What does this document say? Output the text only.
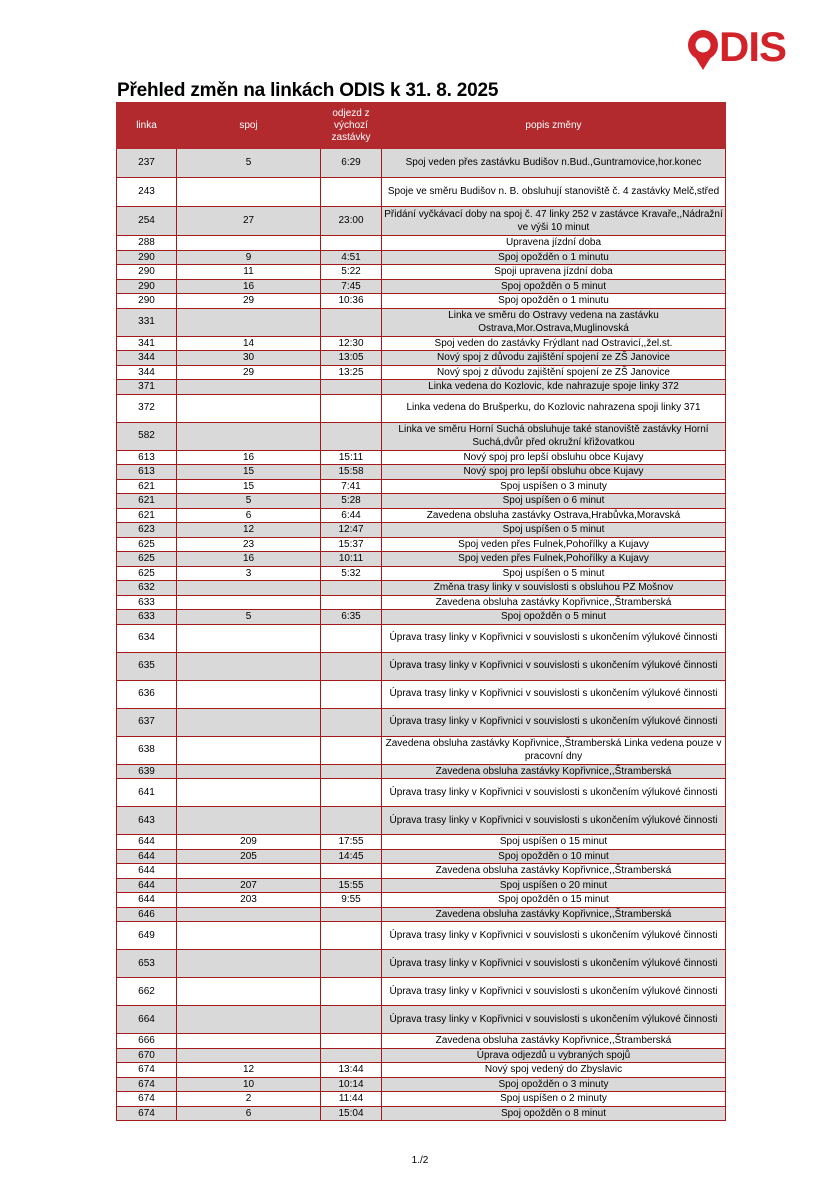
DIS
Přehled změn na linkách ODIS k 31. 8. 2025
linka	spoj	odjezd z výchozí zastávky	popis změny
237	5	6:29	Spoj veden přes zastávku Budišov n.Bud.,Guntramovice,hor.konec
243			Spoje ve směru Budišov n. B. obsluhují stanoviště č. 4 zastávky Melč,střed
254	27	23:00	Přidání vyčkávací doby na spoj č. 47 linky 252 v zastávce Kravaře,,Nádražní ve výši 10 minut
288			Upravena jízdní doba
290	9	4:51	Spoj opožděn o 1 minutu
290	11	5:22	Spoji upravena jízdní doba
290	16	7:45	Spoj opožděn o 5 minut
290	29	10:36	Spoj opožděn o 1 minutu
331			Linka ve směru do Ostravy vedena na zastávku Ostrava,Mor.Ostrava,Muglinovská
341	14	12:30	Spoj veden do zastávky Frýdlant nad Ostravicí,,žel.st.
344	30	13:05	Nový spoj z důvodu zajištění spojení ze ZŠ Janovice
344	29	13:25	Nový spoj z důvodu zajištění spojení ze ZŠ Janovice
371			Linka vedena do Kozlovic, kde nahrazuje spoje linky 372
372			Linka vedena do Brušperku, do Kozlovic nahrazena spoji linky 371
582			Linka ve směru Horní Suchá obsluhuje také stanoviště zastávky Horní Suchá,dvůr před okružní křižovatkou
613	16	15:11	Nový spoj pro lepší obsluhu obce Kujavy
613	15	15:58	Nový spoj pro lepší obsluhu obce Kujavy
621	15	7:41	Spoj uspíšen o 3 minuty
621	5	5:28	Spoj uspíšen o 6 minut
621	6	6:44	Zavedena obsluha zastávky Ostrava,Hrabůvka,Moravská
623	12	12:47	Spoj uspíšen o 5 minut
625	23	15:37	Spoj veden přes Fulnek,Pohořílky a Kujavy
625	16	10:11	Spoj veden přes Fulnek,Pohořílky a Kujavy
625	3	5:32	Spoj uspíšen o 5 minut
632			Změna trasy linky v souvislosti s obsluhou PZ Mošnov
633			Zavedena obsluha zastávky Kopřivnice,,Štramberská
633	5	6:35	Spoj opožděn o 5 minut
634			Úprava trasy linky v Kopřivnici v souvislosti s ukončením výlukové činnosti
635			Úprava trasy linky v Kopřivnici v souvislosti s ukončením výlukové činnosti
636			Úprava trasy linky v Kopřivnici v souvislosti s ukončením výlukové činnosti
637			Úprava trasy linky v Kopřivnici v souvislosti s ukončením výlukové činnosti
638			Zavedena obsluha zastávky Kopřivnice,,Štramberská Linka vedena pouze v pracovní dny
639			Zavedena obsluha zastávky Kopřivnice,,Štramberská
641			Úprava trasy linky v Kopřivnici v souvislosti s ukončením výlukové činnosti
643			Úprava trasy linky v Kopřivnici v souvislosti s ukončením výlukové činnosti
644	209	17:55	Spoj uspíšen o 15 minut
644	205	14:45	Spoj opožděn o 10 minut
644			Zavedena obsluha zastávky Kopřivnice,,Štramberská
644	207	15:55	Spoj uspíšen o 20 minut
644	203	9:55	Spoj opožděn o 15 minut
646			Zavedena obsluha zastávky Kopřivnice,,Štramberská
649			Úprava trasy linky v Kopřivnici v souvislosti s ukončením výlukové činnosti
653			Úprava trasy linky v Kopřivnici v souvislosti s ukončením výlukové činnosti
662			Úprava trasy linky v Kopřivnici v souvislosti s ukončením výlukové činnosti
664			Úprava trasy linky v Kopřivnici v souvislosti s ukončením výlukové činnosti
666			Zavedena obsluha zastávky Kopřivnice,,Štramberská
670			Úprava odjezdů u vybraných spojů
674	12	13:44	Nový spoj vedený do Zbyslavic
674	10	10:14	Spoj opožděn o 3 minuty
674	2	11:44	Spoj uspíšen o 2 minuty
674	6	15:04	Spoj opožděn o 8 minut
1./2
